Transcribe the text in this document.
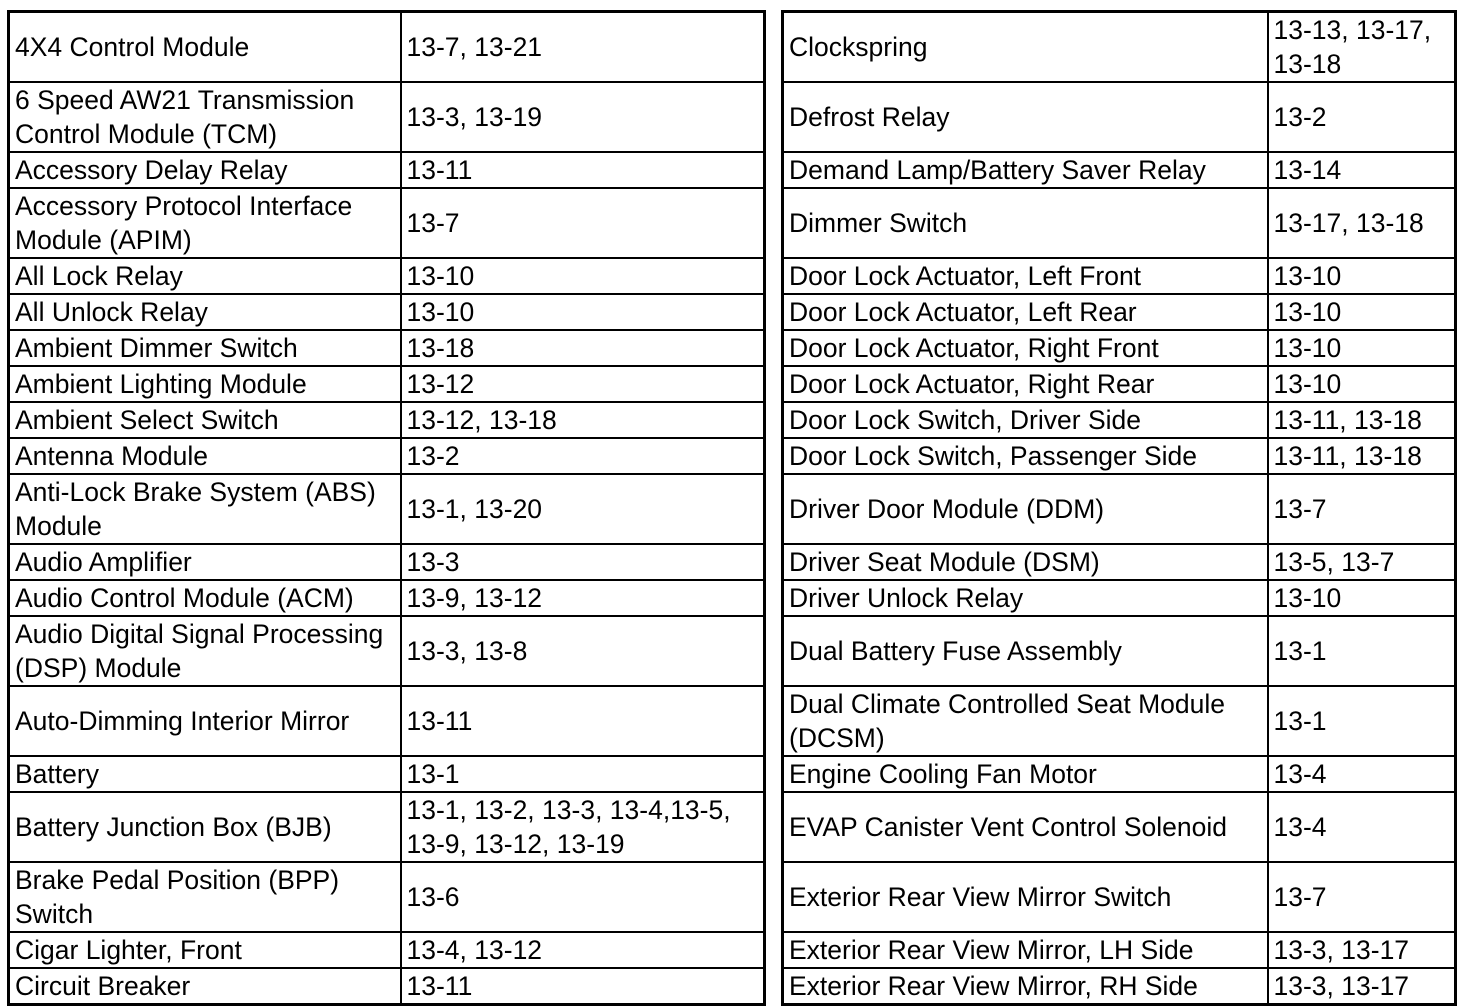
4X4 Control Module	13-7, 13-21
6 Speed AW21 Transmission Control Module (TCM)	13-3, 13-19
Accessory Delay Relay	13-11
Accessory Protocol Interface Module (APIM)	13-7
All Lock Relay	13-10
All Unlock Relay	13-10
Ambient Dimmer Switch	13-18
Ambient Lighting Module	13-12
Ambient Select Switch	13-12, 13-18
Antenna Module	13-2
Anti-Lock Brake System (ABS) Module	13-1, 13-20
Audio Amplifier	13-3
Audio Control Module (ACM)	13-9, 13-12
Audio Digital Signal Processing (DSP) Module	13-3, 13-8
Auto-Dimming Interior Mirror	13-11
Battery	13-1
Battery Junction Box (BJB)	13-1, 13-2, 13-3, 13-4,13-5, 13-9, 13-12, 13-19
Brake Pedal Position (BPP) Switch	13-6
Cigar Lighter, Front	13-4, 13-12
Circuit Breaker	13-11
Clockspring	13-13, 13-17, 13-18
Defrost Relay	13-2
Demand Lamp/Battery Saver Relay	13-14
Dimmer Switch	13-17, 13-18
Door Lock Actuator, Left Front	13-10
Door Lock Actuator, Left Rear	13-10
Door Lock Actuator, Right Front	13-10
Door Lock Actuator, Right Rear	13-10
Door Lock Switch, Driver Side	13-11, 13-18
Door Lock Switch, Passenger Side	13-11, 13-18
Driver Door Module (DDM)	13-7
Driver Seat Module (DSM)	13-5, 13-7
Driver Unlock Relay	13-10
Dual Battery Fuse Assembly	13-1
Dual Climate Controlled Seat Module (DCSM)	13-1
Engine Cooling Fan Motor	13-4
EVAP Canister Vent Control Solenoid	13-4
Exterior Rear View Mirror Switch	13-7
Exterior Rear View Mirror, LH Side	13-3, 13-17
Exterior Rear View Mirror, RH Side	13-3, 13-17
